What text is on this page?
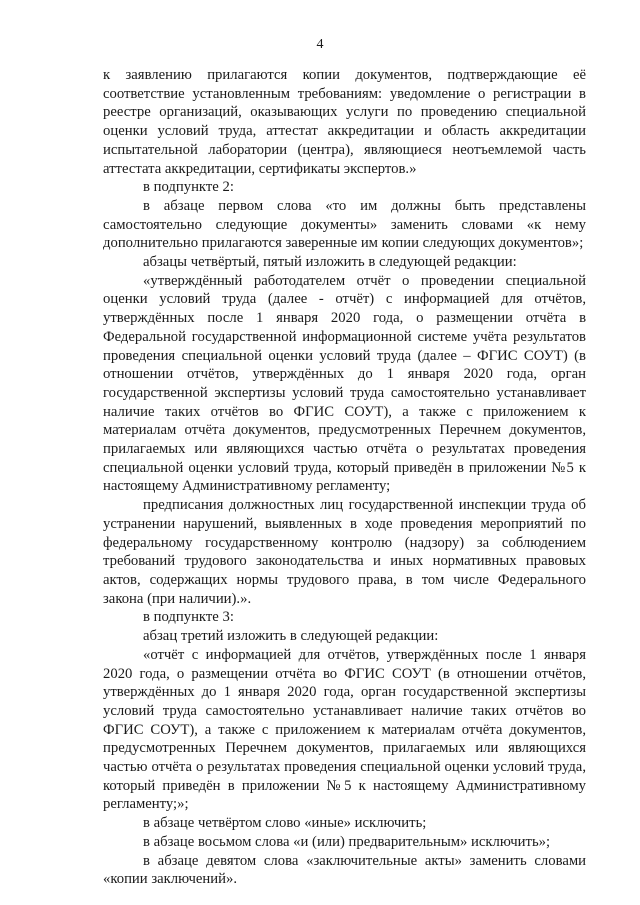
4

к заявлению прилагаются копии документов, подтверждающие её соответствие установленным требованиям: уведомление о регистрации в реестре организаций, оказывающих услуги по проведению специальной оценки условий труда, аттестат аккредитации и область аккредитации испытательной лаборатории (центра), являющиеся неотъемлемой часть аттестата аккредитации, сертификаты экспертов.»

в подпункте 2:

в абзаце первом слова «то им должны быть представлены самостоятельно следующие документы» заменить словами «к нему дополнительно прилагаются заверенные им копии следующих документов»;

абзацы четвёртый, пятый изложить в следующей редакции:

«утверждённый работодателем отчёт о проведении специальной оценки условий труда (далее - отчёт) с информацией для отчётов, утверждённых после 1 января 2020 года, о размещении отчёта в Федеральной государственной информационной системе учёта результатов проведения специальной оценки условий труда (далее – ФГИС СОУТ) (в отношении отчётов, утверждённых до 1 января 2020 года, орган государственной экспертизы условий труда самостоятельно устанавливает наличие таких отчётов во ФГИС СОУТ), а также с приложением к материалам отчёта документов, предусмотренных Перечнем документов, прилагаемых или являющихся частью отчёта о результатах проведения специальной оценки условий труда, который приведён в приложении №5 к настоящему Административному регламенту;

предписания должностных лиц государственной инспекции труда об устранении нарушений, выявленных в ходе проведения мероприятий по федеральному государственному контролю (надзору) за соблюдением требований трудового законодательства и иных нормативных правовых актов, содержащих нормы трудового права, в том числе Федерального закона (при наличии).».

в подпункте 3:

абзац третий изложить в следующей редакции:

«отчёт с информацией для отчётов, утверждённых после 1 января 2020 года, о размещении отчёта во ФГИС СОУТ (в отношении отчётов, утверждённых до 1 января 2020 года, орган государственной экспертизы условий труда самостоятельно устанавливает наличие таких отчётов во ФГИС СОУТ), а также с приложением к материалам отчёта документов, предусмотренных Перечнем документов, прилагаемых или являющихся частью отчёта о результатах проведения специальной оценки условий труда, который приведён в приложении №5 к настоящему Административному регламенту;»;

в абзаце четвёртом слово «иные» исключить;

в абзаце восьмом слова «и (или) предварительным» исключить»;

в абзаце девятом слова «заключительные акты» заменить словами «копии заключений».
